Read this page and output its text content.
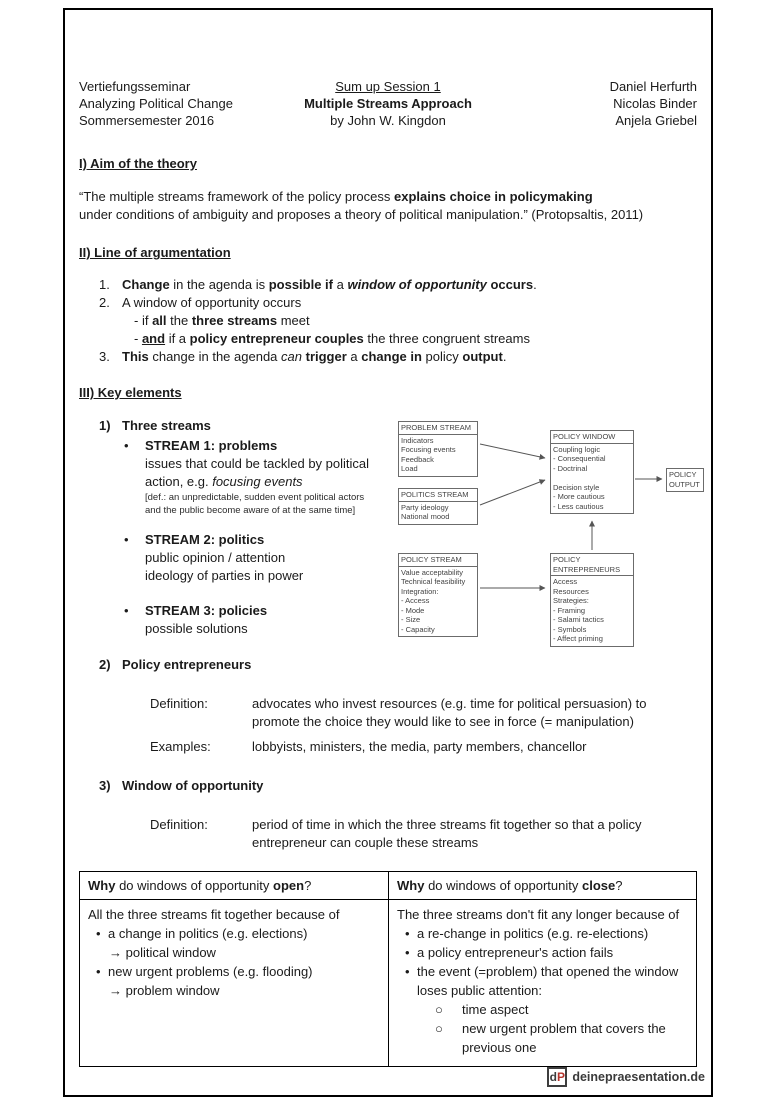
Vertiefungsseminar
Analyzing Political Change
Sommersemester 2016
Sum up Session 1
Multiple Streams Approach
by John W. Kingdon
Daniel Herfurth
Nicolas Binder
Anjela Griebel
I) Aim of the theory

“The multiple streams framework of the policy process explains choice in policymaking
under conditions of ambiguity and proposes a theory of political manipulation.” (Protopsaltis, 2011)

II) Line of argumentation
1. Change in the agenda is possible if a window of opportunity occurs.
2. A window of opportunity occurs
- if all the three streams meet
- and if a policy entrepreneur couples the three congruent streams
3. This change in the agenda can trigger a change in policy output.
III) Key elements
1) Three streams
•	STREAM 1: problems
issues that could be tackled by political
action, e.g. focusing events
[def.: an unpredictable, sudden event political actors
and the public become aware of at the same time]
•	STREAM 2: politics
public opinion / attention
ideology of parties in power
•	STREAM 3: policies
possible solutions
PROBLEM STREAM
Indicators
Focusing events
Feedback
Load
POLITICS STREAM
Party ideology
National mood
POLICY STREAM
Value acceptability
Technical feasibility
Integration:
- Access
- Mode
- Size
- Capacity
POLICY WINDOW
Coupling logic
- Consequential
- Doctrinal
Decision style
- More cautious
- Less cautious
POLICY
OUTPUT
POLICY ENTREPRENEURS
Access
Resources
Strategies:
- Framing
- Salami tactics
- Symbols
- Affect priming
2) Policy entrepreneurs
Definition:	advocates who invest resources (e.g. time for political persuasion) to
promote the choice they would like to see in force (= manipulation)
Examples:	lobbyists, ministers, the media, party members, chancellor
3) Window of opportunity
Definition:	period of time in which the three streams fit together so that a policy
entrepreneur can couple these streams
Why do windows of opportunity open?	Why do windows of opportunity close?
All the three streams fit together because of
• a change in politics (e.g. elections)
→ political window
• new urgent problems (e.g. flooding)
→ problem window
The three streams don't fit any longer because of
• a re-change in politics (e.g. re-elections)
• a policy entrepreneur's action fails
• the event (=problem) that opened the window
loses public attention:
○ time aspect
○ new urgent problem that covers the
previous one
d P deinepraesentation.de
